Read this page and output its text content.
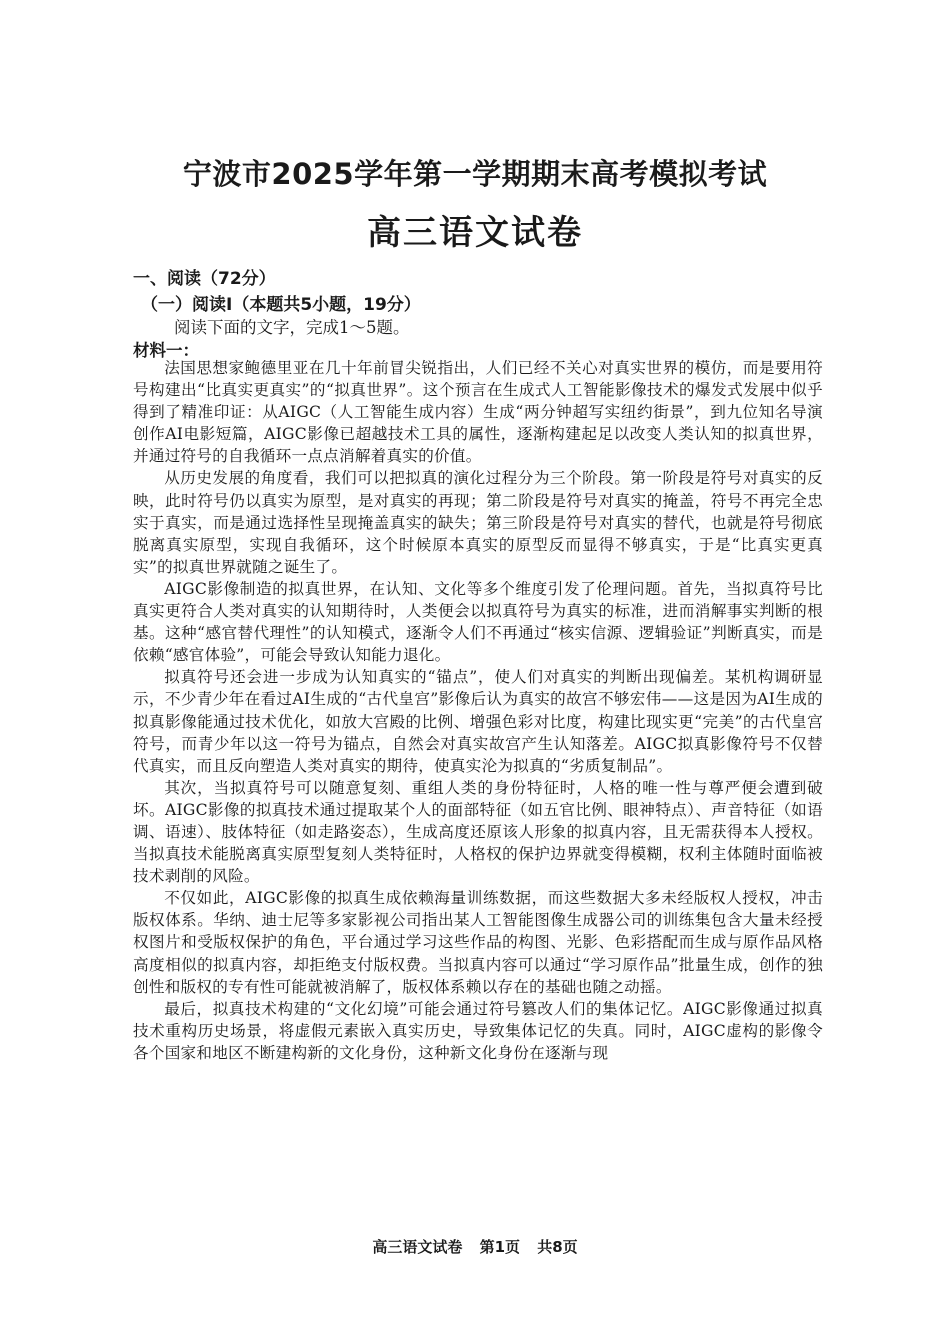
宁波市2025学年第一学期期末高考模拟考试
高三语文试卷
一、阅读（72分）
（一）阅读Ⅰ（本题共5小题，19分）
阅读下面的文字，完成1～5题。
材料一：

法国思想家鲍德里亚在几十年前冒尖锐指出，人们已经不关心对真实世界的模仿，而是要用符号构建出“比真实更真实”的“拟真世界”。这个预言在生成式人工智能影像技术的爆发式发展中似乎得到了精准印证：从AIGC（人工智能生成内容）生成“两分钟超写实纽约街景”，到九位知名导演创作AI电影短篇，AIGC影像已超越技术工具的属性，逐渐构建起足以改变人类认知的拟真世界，并通过符号的自我循环一点点消解着真实的价值。

从历史发展的角度看，我们可以把拟真的演化过程分为三个阶段。第一阶段是符号对真实的反映，此时符号仍以真实为原型，是对真实的再现；第二阶段是符号对真实的掩盖，符号不再完全忠实于真实，而是通过选择性呈现掩盖真实的缺失；第三阶段是符号对真实的替代，也就是符号彻底脱离真实原型，实现自我循环，这个时候原本真实的原型反而显得不够真实，于是“比真实更真实”的拟真世界就随之诞生了。

AIGC影像制造的拟真世界，在认知、文化等多个维度引发了伦理问题。首先，当拟真符号比真实更符合人类对真实的认知期待时，人类便会以拟真符号为真实的标准，进而消解事实判断的根基。这种“感官替代理性”的认知模式，逐渐令人们不再通过“核实信源、逻辑验证”判断真实，而是依赖“感官体验”，可能会导致认知能力退化。

拟真符号还会进一步成为认知真实的“锚点”，使人们对真实的判断出现偏差。某机构调研显示，不少青少年在看过AI生成的“古代皇宫”影像后认为真实的故宫不够宏伟——这是因为AI生成的拟真影像能通过技术优化，如放大宫殿的比例、增强色彩对比度，构建比现实更“完美”的古代皇宫符号，而青少年以这一符号为锚点，自然会对真实故宫产生认知落差。AIGC拟真影像符号不仅替代真实，而且反向塑造人类对真实的期待，使真实沦为拟真的“劣质复制品”。

其次，当拟真符号可以随意复刻、重组人类的身份特征时，人格的唯一性与尊严便会遭到破坏。AIGC影像的拟真技术通过提取某个人的面部特征（如五官比例、眼神特点）、声音特征（如语调、语速）、肢体特征（如走路姿态），生成高度还原该人形象的拟真内容，且无需获得本人授权。当拟真技术能脱离真实原型复刻人类特征时，人格权的保护边界就变得模糊，权利主体随时面临被技术剥削的风险。

不仅如此，AIGC影像的拟真生成依赖海量训练数据，而这些数据大多未经版权人授权，冲击版权体系。华纳、迪士尼等多家影视公司指出某人工智能图像生成器公司的训练集包含大量未经授权图片和受版权保护的角色，平台通过学习这些作品的构图、光影、色彩搭配而生成与原作品风格高度相似的拟真内容，却拒绝支付版权费。当拟真内容可以通过“学习原作品”批量生成，创作的独创性和版权的专有性可能就被消解了，版权体系赖以存在的基础也随之动摇。

最后，拟真技术构建的“文化幻境”可能会通过符号篡改人们的集体记忆。AIGC影像通过拟真技术重构历史场景，将虚假元素嵌入真实历史，导致集体记忆的失真。同时，AIGC虚构的影像令各个国家和地区不断建构新的文化身份，这种新文化身份在逐渐与现

高三语文试卷 第1页 共8页
